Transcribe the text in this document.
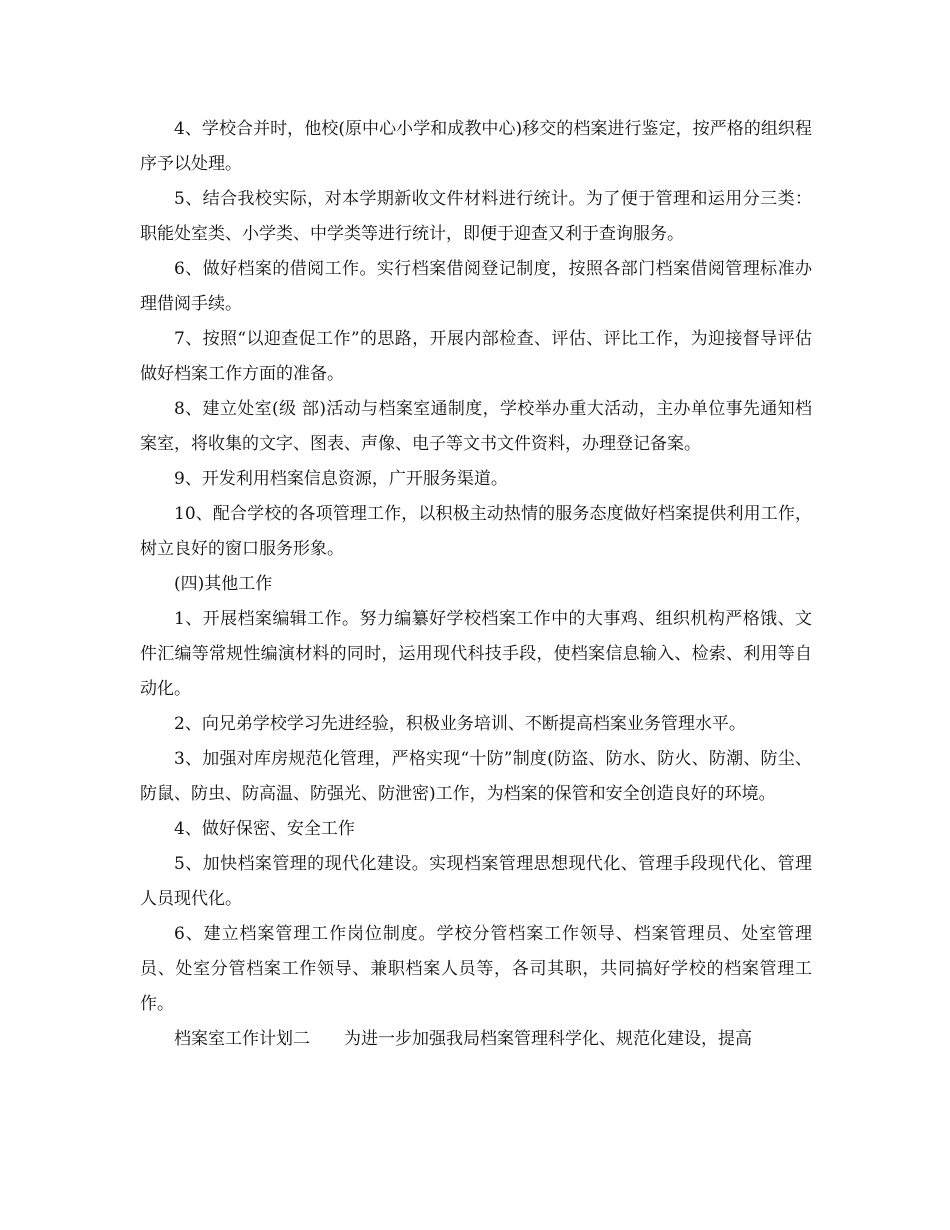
4、学校合并时，他校(原中心小学和成教中心)移交的档案进行鉴定，按严格的组织程序予以处理。

5、结合我校实际，对本学期新收文件材料进行统计。为了便于管理和运用分三类：职能处室类、小学类、中学类等进行统计，即便于迎查又利于查询服务。

6、做好档案的借阅工作。实行档案借阅登记制度，按照各部门档案借阅管理标准办理借阅手续。

7、按照“以迎查促工作”的思路，开展内部检查、评估、评比工作，为迎接督导评估做好档案工作方面的准备。

8、建立处室(级 部)活动与档案室通制度，学校举办重大活动，主办单位事先通知档案室，将收集的文字、图表、声像、电子等文书文件资料，办理登记备案。

9、开发利用档案信息资源，广开服务渠道。

10、配合学校的各项管理工作，以积极主动热情的服务态度做好档案提供利用工作，树立良好的窗口服务形象。

(四)其他工作

1、开展档案编辑工作。努力编纂好学校档案工作中的大事鸡、组织机构严格饿、文件汇编等常规性编演材料的同时，运用现代科技手段，使档案信息输入、检索、利用等自动化。

2、向兄弟学校学习先进经验，积极业务培训、不断提高档案业务管理水平。

3、加强对库房规范化管理，严格实现“十防”制度(防盗、防水、防火、防潮、防尘、防鼠、防虫、防高温、防强光、防泄密)工作，为档案的保管和安全创造良好的环境。

4、做好保密、安全工作

5、加快档案管理的现代化建设。实现档案管理思想现代化、管理手段现代化、管理人员现代化。

6、建立档案管理工作岗位制度。学校分管档案工作领导、档案管理员、处室管理员、处室分管档案工作领导、兼职档案人员等，各司其职，共同搞好学校的档案管理工作。

档案室工作计划二　　为进一步加强我局档案管理科学化、规范化建设，提高
